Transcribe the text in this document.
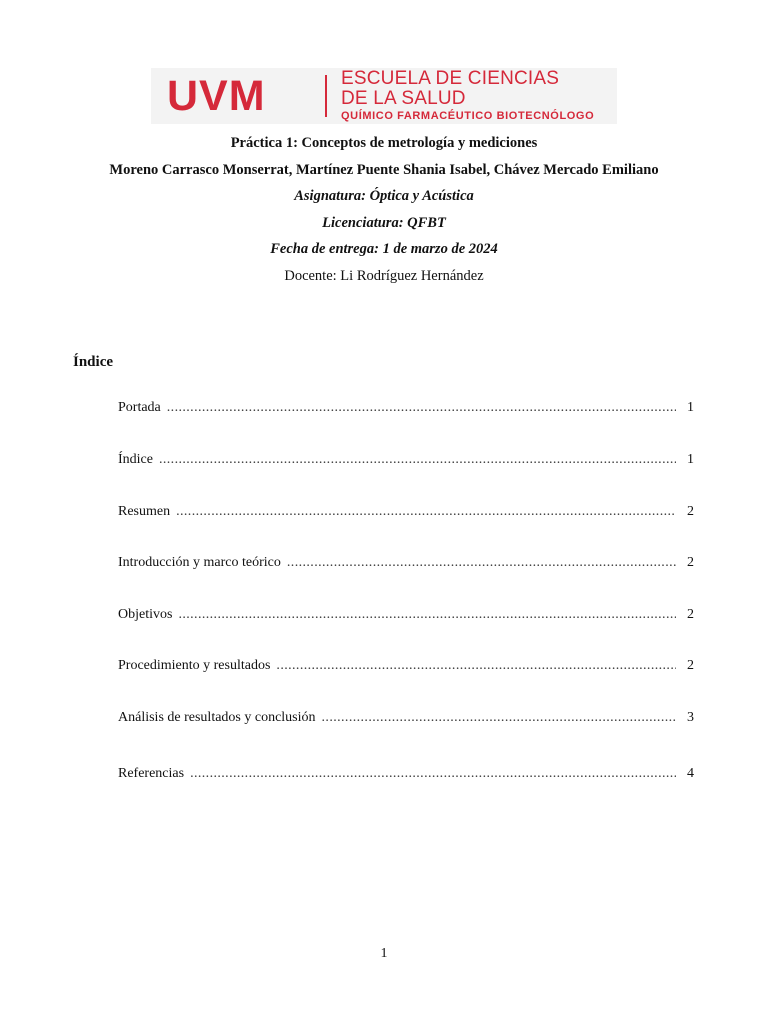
UVM	ESCUELA DE CIENCIAS
DE LA SALUD
QUÍMICO FARMACÉUTICO BIOTECNÓLOGO
Práctica 1: Conceptos de metrología y mediciones
Moreno Carrasco Monserrat, Martínez Puente Shania Isabel, Chávez Mercado Emiliano
Asignatura: Óptica y Acústica
Licenciatura: QFBT
Fecha de entrega: 1 de marzo de 2024
Docente: Li Rodríguez Hernández
Índice
Portada .....	1
Índice .....	1
Resumen .....	2
Introducción y marco teórico .....	2
Objetivos .....	2
Procedimiento y resultados .....	2
Análisis de resultados y conclusión .....	3
Referencias .....	4
1
